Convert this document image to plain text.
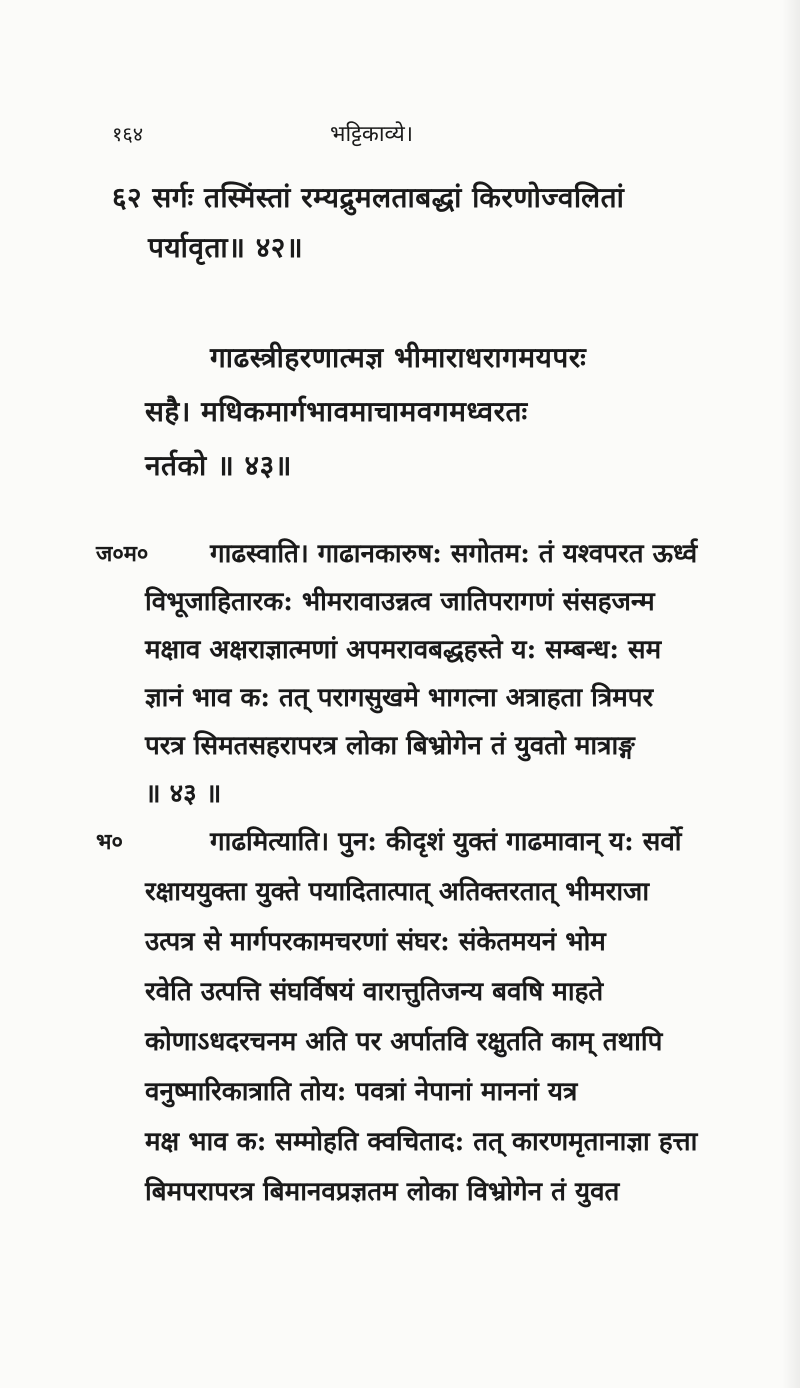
१६४	भट्टिकाव्ये।
६२ सर्गः तस्मिंस्तां रम्यद्रुमलताबद्धां किरणोज्वलितां
पर्यावृता॥ ४२॥
गाढस्त्रीहरणात्मज्ञ भीमाराधरागमयपरः
सहै। मधिकमार्गभावमाचामवगमध्वरतः
नर्तको ॥ ४३॥
ज०म० गाढस्वाति। गाढानकारुष: सगोतम: तं यश्वपरत ऊर्ध्व
विभूजाहितारक: भीमरावाउन्नत्व जातिपरागणं संसहजन्म
मक्षाव अक्षराज्ञात्मणां अपमरावबद्धहस्ते य: सम्बन्ध: सम
ज्ञानं भाव क: तत् परागसुखमे भागत्ना अत्राहता त्रिमपर
परत्र सिमतसहरापरत्र लोका बिभ्रोगेन तं युवतो मात्राङ्ग
॥ ४३ ॥
भ०	गाढमित्याति। पुन: कीदृशं युक्तं गाढमावान् य: सर्वो
रक्षाययुक्ता युक्ते पयादितात्पात् अतिक्तरतात् भीमराजा
उत्पत्र से मार्गपरकामचरणां संघर: संकेतमयनं भोम
रवेति उत्पत्ति संघर्विषयं वारात्तुतिजन्य बवषि माहते
कोणाऽधदरचनम अति पर अर्पातवि रक्षुतति काम् तथापि
वनुष्मारिकात्राति तोय: पवत्रां नेपानां माननां यत्र
मक्ष भाव क: सम्मोहति क्वचिताद: तत् कारणमृतानाज्ञा हत्ता
बिमपरापरत्र बिमानवप्रज्ञतम लोका विभ्रोगेन तं युवत
